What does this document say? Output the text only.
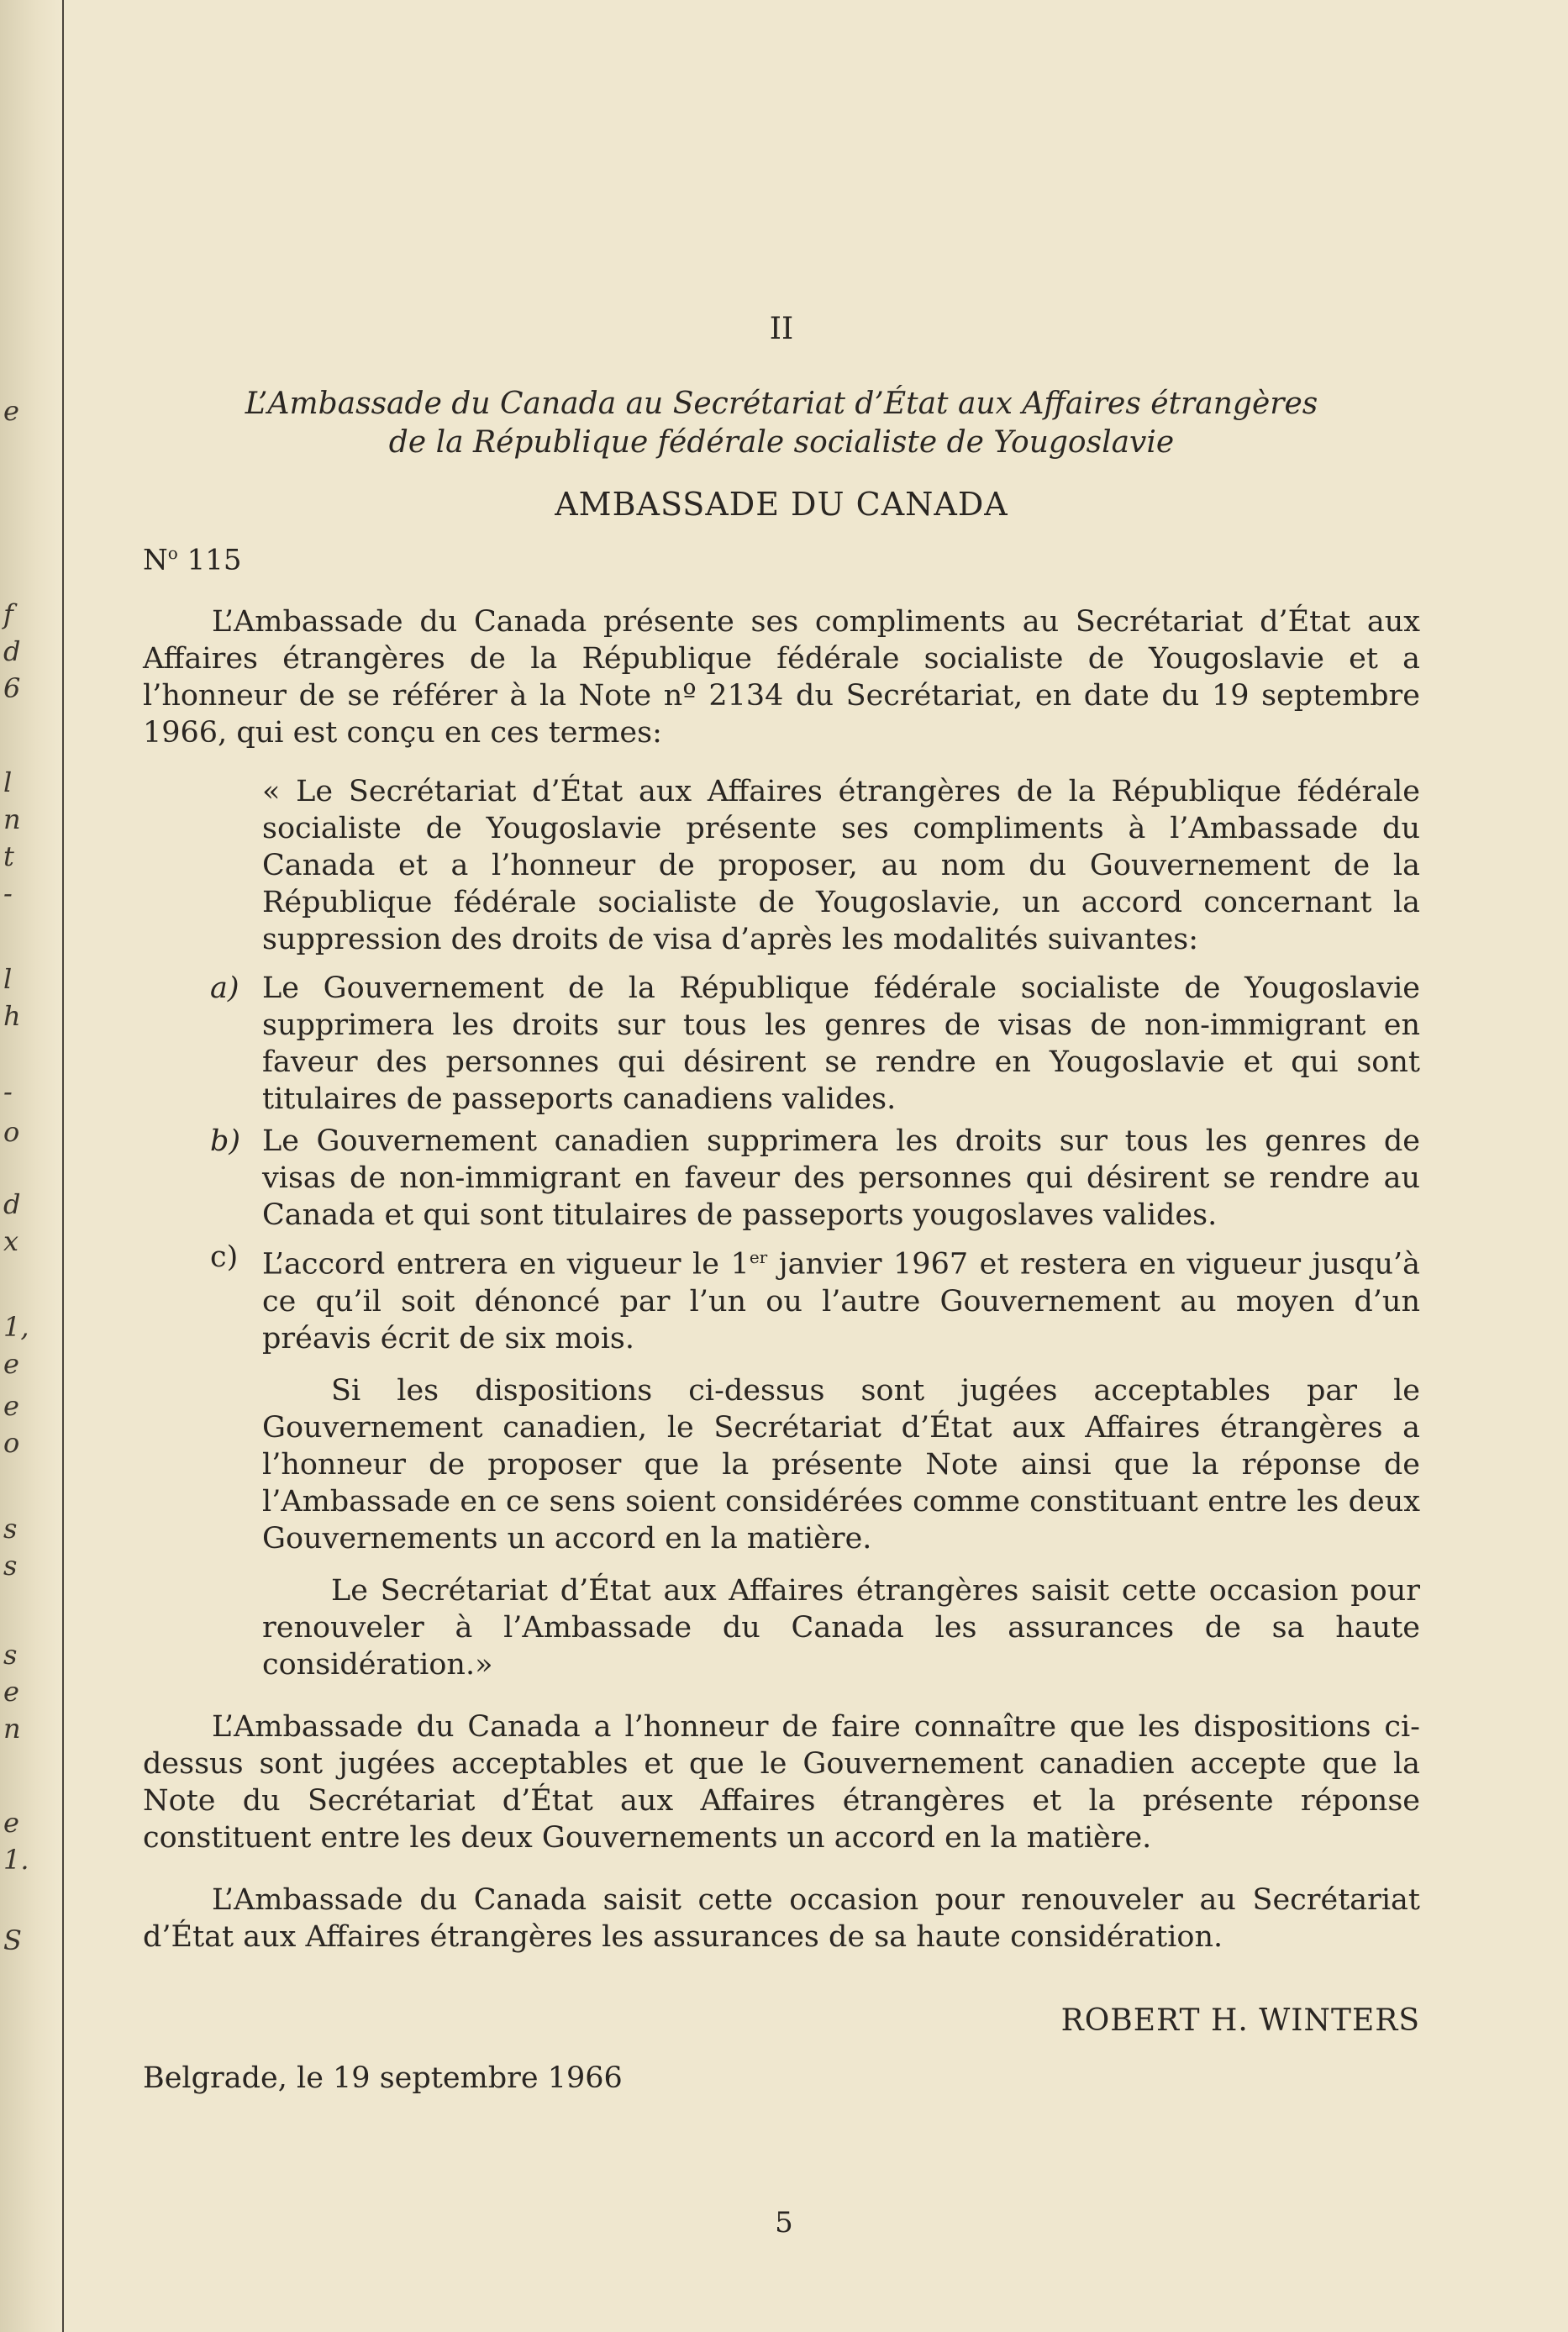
e
f
d
6
l
n
t
-
l
h
-
o
d
x
1,
e
e
o
s
s
s
e
n
e
1.
S
II
L’Ambassade du Canada au Secrétariat d’État aux Affaires étrangères
de la République fédérale socialiste de Yougoslavie
AMBASSADE DU CANADA
$N^o$ 115

L’Ambassade du Canada présente ses compliments au Secrétariat d’État aux Affaires étrangères de la République fédérale socialiste de Yougoslavie et a l’honneur de se référer à la Note nº 2134 du Secrétariat, en date du 19 septembre 1966, qui est conçu en ces termes:

« Le Secrétariat d’État aux Affaires étrangères de la République fédérale socialiste de Yougoslavie présente ses compliments à l’Ambassade du Canada et a l’honneur de proposer, au nom du Gouvernement de la République fédérale socialiste de Yougoslavie, un accord concernant la suppression des droits de visa d’après les modalités suivantes:

a) Le Gouvernement de la République fédérale socialiste de Yougoslavie supprimera les droits sur tous les genres de visas de non-immigrant en faveur des personnes qui désirent se rendre en Yougoslavie et qui sont titulaires de passeports canadiens valides.

b) Le Gouvernement canadien supprimera les droits sur tous les genres de visas de non-immigrant en faveur des personnes qui désirent se rendre au Canada et qui sont titulaires de passeports yougoslaves valides.

c) L’accord entrera en vigueur le 1er janvier 1967 et restera en vigueur jusqu’à ce qu’il soit dénoncé par l’un ou l’autre Gouvernement au moyen d’un préavis écrit de six mois.

Si les dispositions ci-dessus sont jugées acceptables par le Gouvernement canadien, le Secrétariat d’État aux Affaires étrangères a l’honneur de proposer que la présente Note ainsi que la réponse de l’Ambassade en ce sens soient considérées comme constituant entre les deux Gouvernements un accord en la matière.

Le Secrétariat d’État aux Affaires étrangères saisit cette occasion pour renouveler à l’Ambassade du Canada les assurances de sa haute considération.»

L’Ambassade du Canada a l’honneur de faire connaître que les dispositions ci-dessus sont jugées acceptables et que le Gouvernement canadien accepte que la Note du Secrétariat d’État aux Affaires étrangères et la présente réponse constituent entre les deux Gouvernements un accord en la matière.

L’Ambassade du Canada saisit cette occasion pour renouveler au Secrétariat d’État aux Affaires étrangères les assurances de sa haute considération.

ROBERT H. WINTERS
Belgrade, le 19 septembre 1966
5
